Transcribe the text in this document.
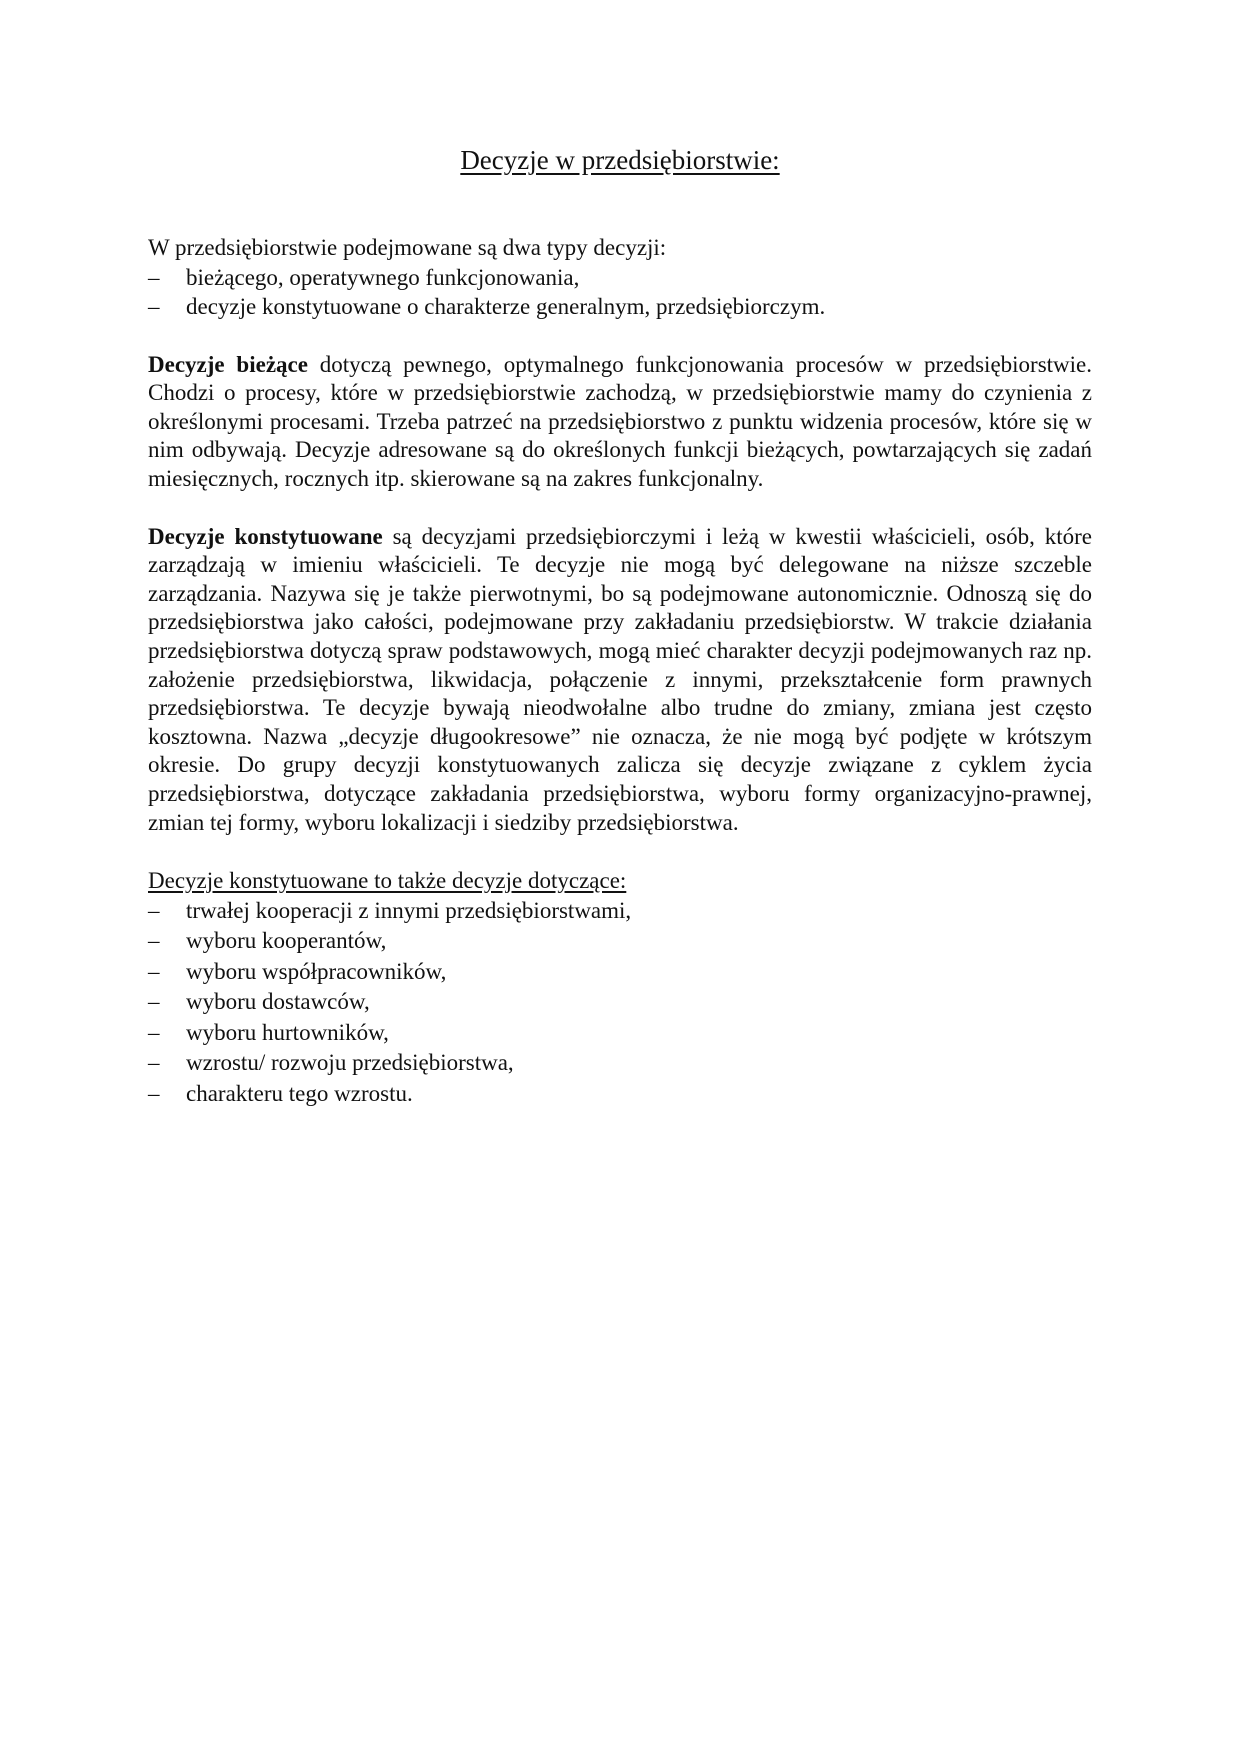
Decyzje w przedsiębiorstwie:
W przedsiębiorstwie podejmowane są dwa typy decyzji:
– bieżącego, operatywnego funkcjonowania,
– decyzje konstytuowane o charakterze generalnym, przedsiębiorczym.

Decyzje bieżące dotyczą pewnego, optymalnego funkcjonowania procesów w przedsiębiorstwie. Chodzi o procesy, które w przedsiębiorstwie zachodzą, w przedsiębiorstwie mamy do czynienia z określonymi procesami. Trzeba patrzeć na przedsiębiorstwo z punktu widzenia procesów, które się w nim odbywają. Decyzje adresowane są do określonych funkcji bieżących, powtarzających się zadań miesięcznych, rocznych itp. skierowane są na zakres funkcjonalny.

Decyzje konstytuowane są decyzjami przedsiębiorczymi i leżą w kwestii właścicieli, osób, które zarządzają w imieniu właścicieli. Te decyzje nie mogą być delegowane na niższe szczeble zarządzania. Nazywa się je także pierwotnymi, bo są podejmowane autonomicznie. Odnoszą się do przedsiębiorstwa jako całości, podejmowane przy zakładaniu przedsiębiorstw. W trakcie działania przedsiębiorstwa dotyczą spraw podstawowych, mogą mieć charakter decyzji podejmowanych raz np. założenie przedsiębiorstwa, likwidacja, połączenie z innymi, przekształcenie form prawnych przedsiębiorstwa. Te decyzje bywają nieodwołalne albo trudne do zmiany, zmiana jest często kosztowna. Nazwa „decyzje długookresowe” nie oznacza, że nie mogą być podjęte w krótszym okresie. Do grupy decyzji konstytuowanych zalicza się decyzje związane z cyklem życia przedsiębiorstwa, dotyczące zakładania przedsiębiorstwa, wyboru formy organizacyjno-prawnej, zmian tej formy, wyboru lokalizacji i siedziby przedsiębiorstwa.

Decyzje konstytuowane to także decyzje dotyczące:
– trwałej kooperacji z innymi przedsiębiorstwami,
– wyboru kooperantów,
– wyboru współpracowników,
– wyboru dostawców,
– wyboru hurtowników,
– wzrostu/ rozwoju przedsiębiorstwa,
– charakteru tego wzrostu.
